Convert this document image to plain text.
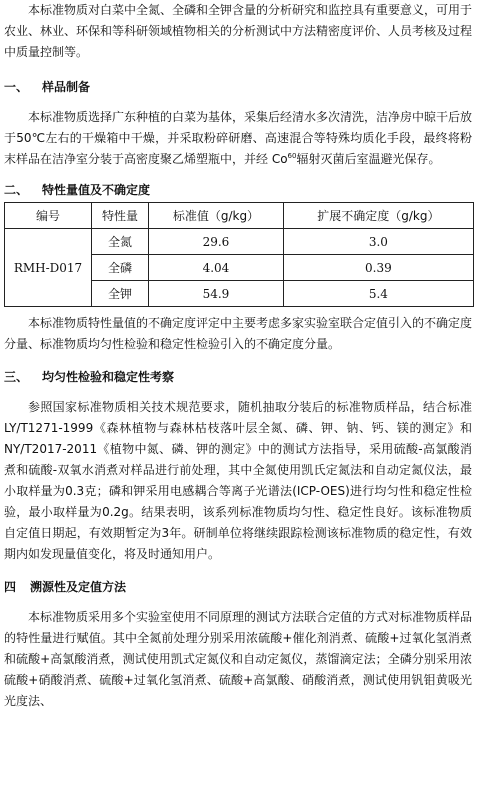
本标准物质对白菜中全氮、全磷和全钾含量的分析研究和监控具有重要意义，可用于农业、林业、环保和等科研领域植物相关的分析测试中方法精密度评价、人员考核及过程中质量控制等。

一、 样品制备

本标准物质选择广东种植的白菜为基体，采集后经清水多次清洗，洁净房中晾干后放于50℃左右的干燥箱中干燥，并采取粉碎研磨、高速混合等特殊均质化手段，最终将粉末样品在洁净室分装于高密度聚乙烯塑瓶中，并经 Co$^{60}$辐射灭菌后室温避光保存。

二、 特性量值及不确定度
编号	特性量	标准值（g/kg）	扩展不确定度（g/kg）
RMH-D017	全氮	29.6	3.0
	全磷	4.04	0.39
	全钾	54.9	5.4

本标准物质特性量值的不确定度评定中主要考虑多家实验室联合定值引入的不确定度分量、标准物质均匀性检验和稳定性检验引入的不确定度分量。

三、 均匀性检验和稳定性考察

参照国家标准物质相关技术规范要求，随机抽取分装后的标准物质样品，结合标准LY/T1271-1999《森林植物与森林枯枝落叶层全氮、磷、钾、钠、钙、镁的测定》和NY/T2017-2011《植物中氮、磷、钾的测定》中的测试方法指导，采用硫酸-高氯酸消煮和硫酸-双氧水消煮对样品进行前处理，其中全氮使用凯氏定氮法和自动定氮仪法，最小取样量为0.3克；磷和钾采用电感耦合等离子光谱法(ICP-OES)进行均匀性和稳定性检验，最小取样量为0.2g。结果表明，该系列标准物质均匀性、稳定性良好。该标准物质自定值日期起，有效期暂定为3年。研制单位将继续跟踪检测该标准物质的稳定性，有效期内如发现量值变化，将及时通知用户。

四 溯源性及定值方法

本标准物质采用多个实验室使用不同原理的测试方法联合定值的方式对标准物质样品的特性量进行赋值。其中全氮前处理分别采用浓硫酸+催化剂消煮、硫酸+过氧化氢消煮和硫酸+高氯酸消煮，测试使用凯式定氮仪和自动定氮仪，蒸馏滴定法；全磷分别采用浓硫酸+硝酸消煮、硫酸+过氧化氢消煮、硫酸+高氯酸、硝酸消煮，测试使用钒钼黄吸光光度法、
